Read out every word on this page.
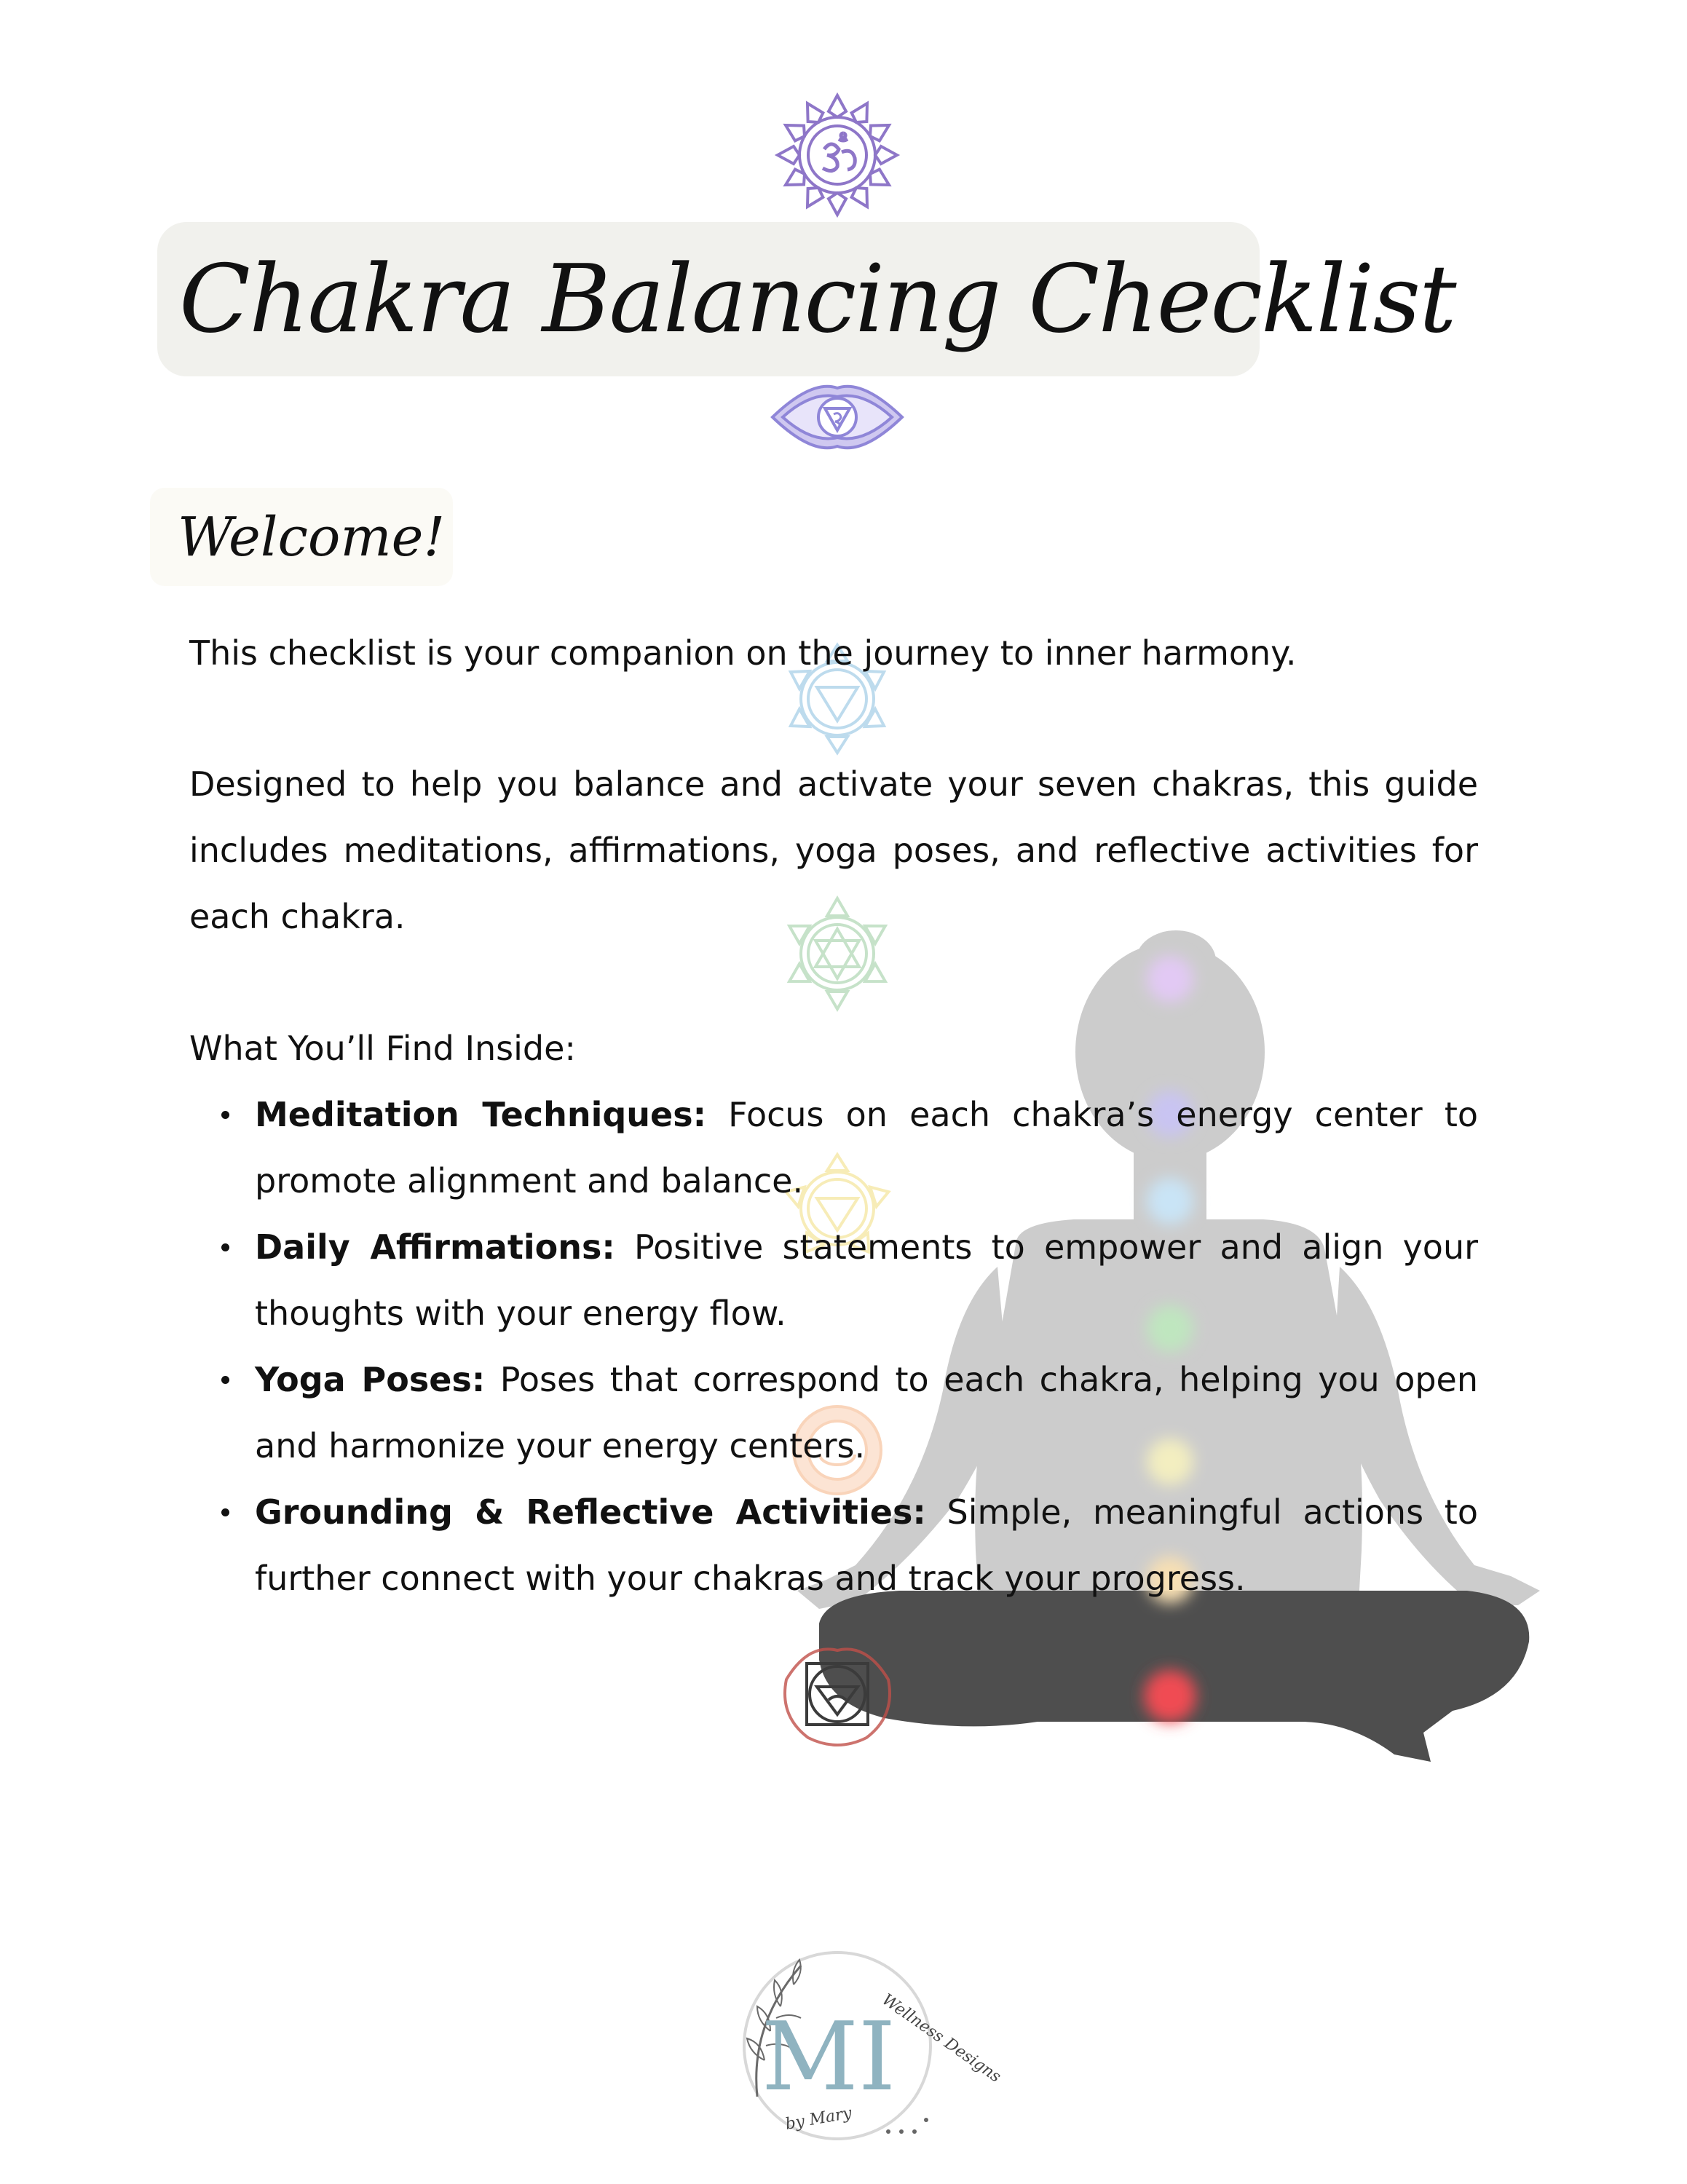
Chakra Balancing Checklist
Welcome!
This checklist is your companion on the journey to inner harmony.
Designed to help you balance and activate your seven chakras, this guide includes meditations, affirmations, yoga poses, and reflective activities for each chakra.
What You’ll Find Inside:
Meditation Techniques: Focus on each chakra’s energy center to promote alignment and balance.
Daily Affirmations: Positive statements to empower and align your thoughts with your energy flow.
Yoga Poses: Poses that correspond to each chakra, helping you open and harmonize your energy centers.
Grounding & Reflective Activities: Simple, meaningful actions to further connect with your chakras and track your progress.
MI
Wellness Designs
by Mary
